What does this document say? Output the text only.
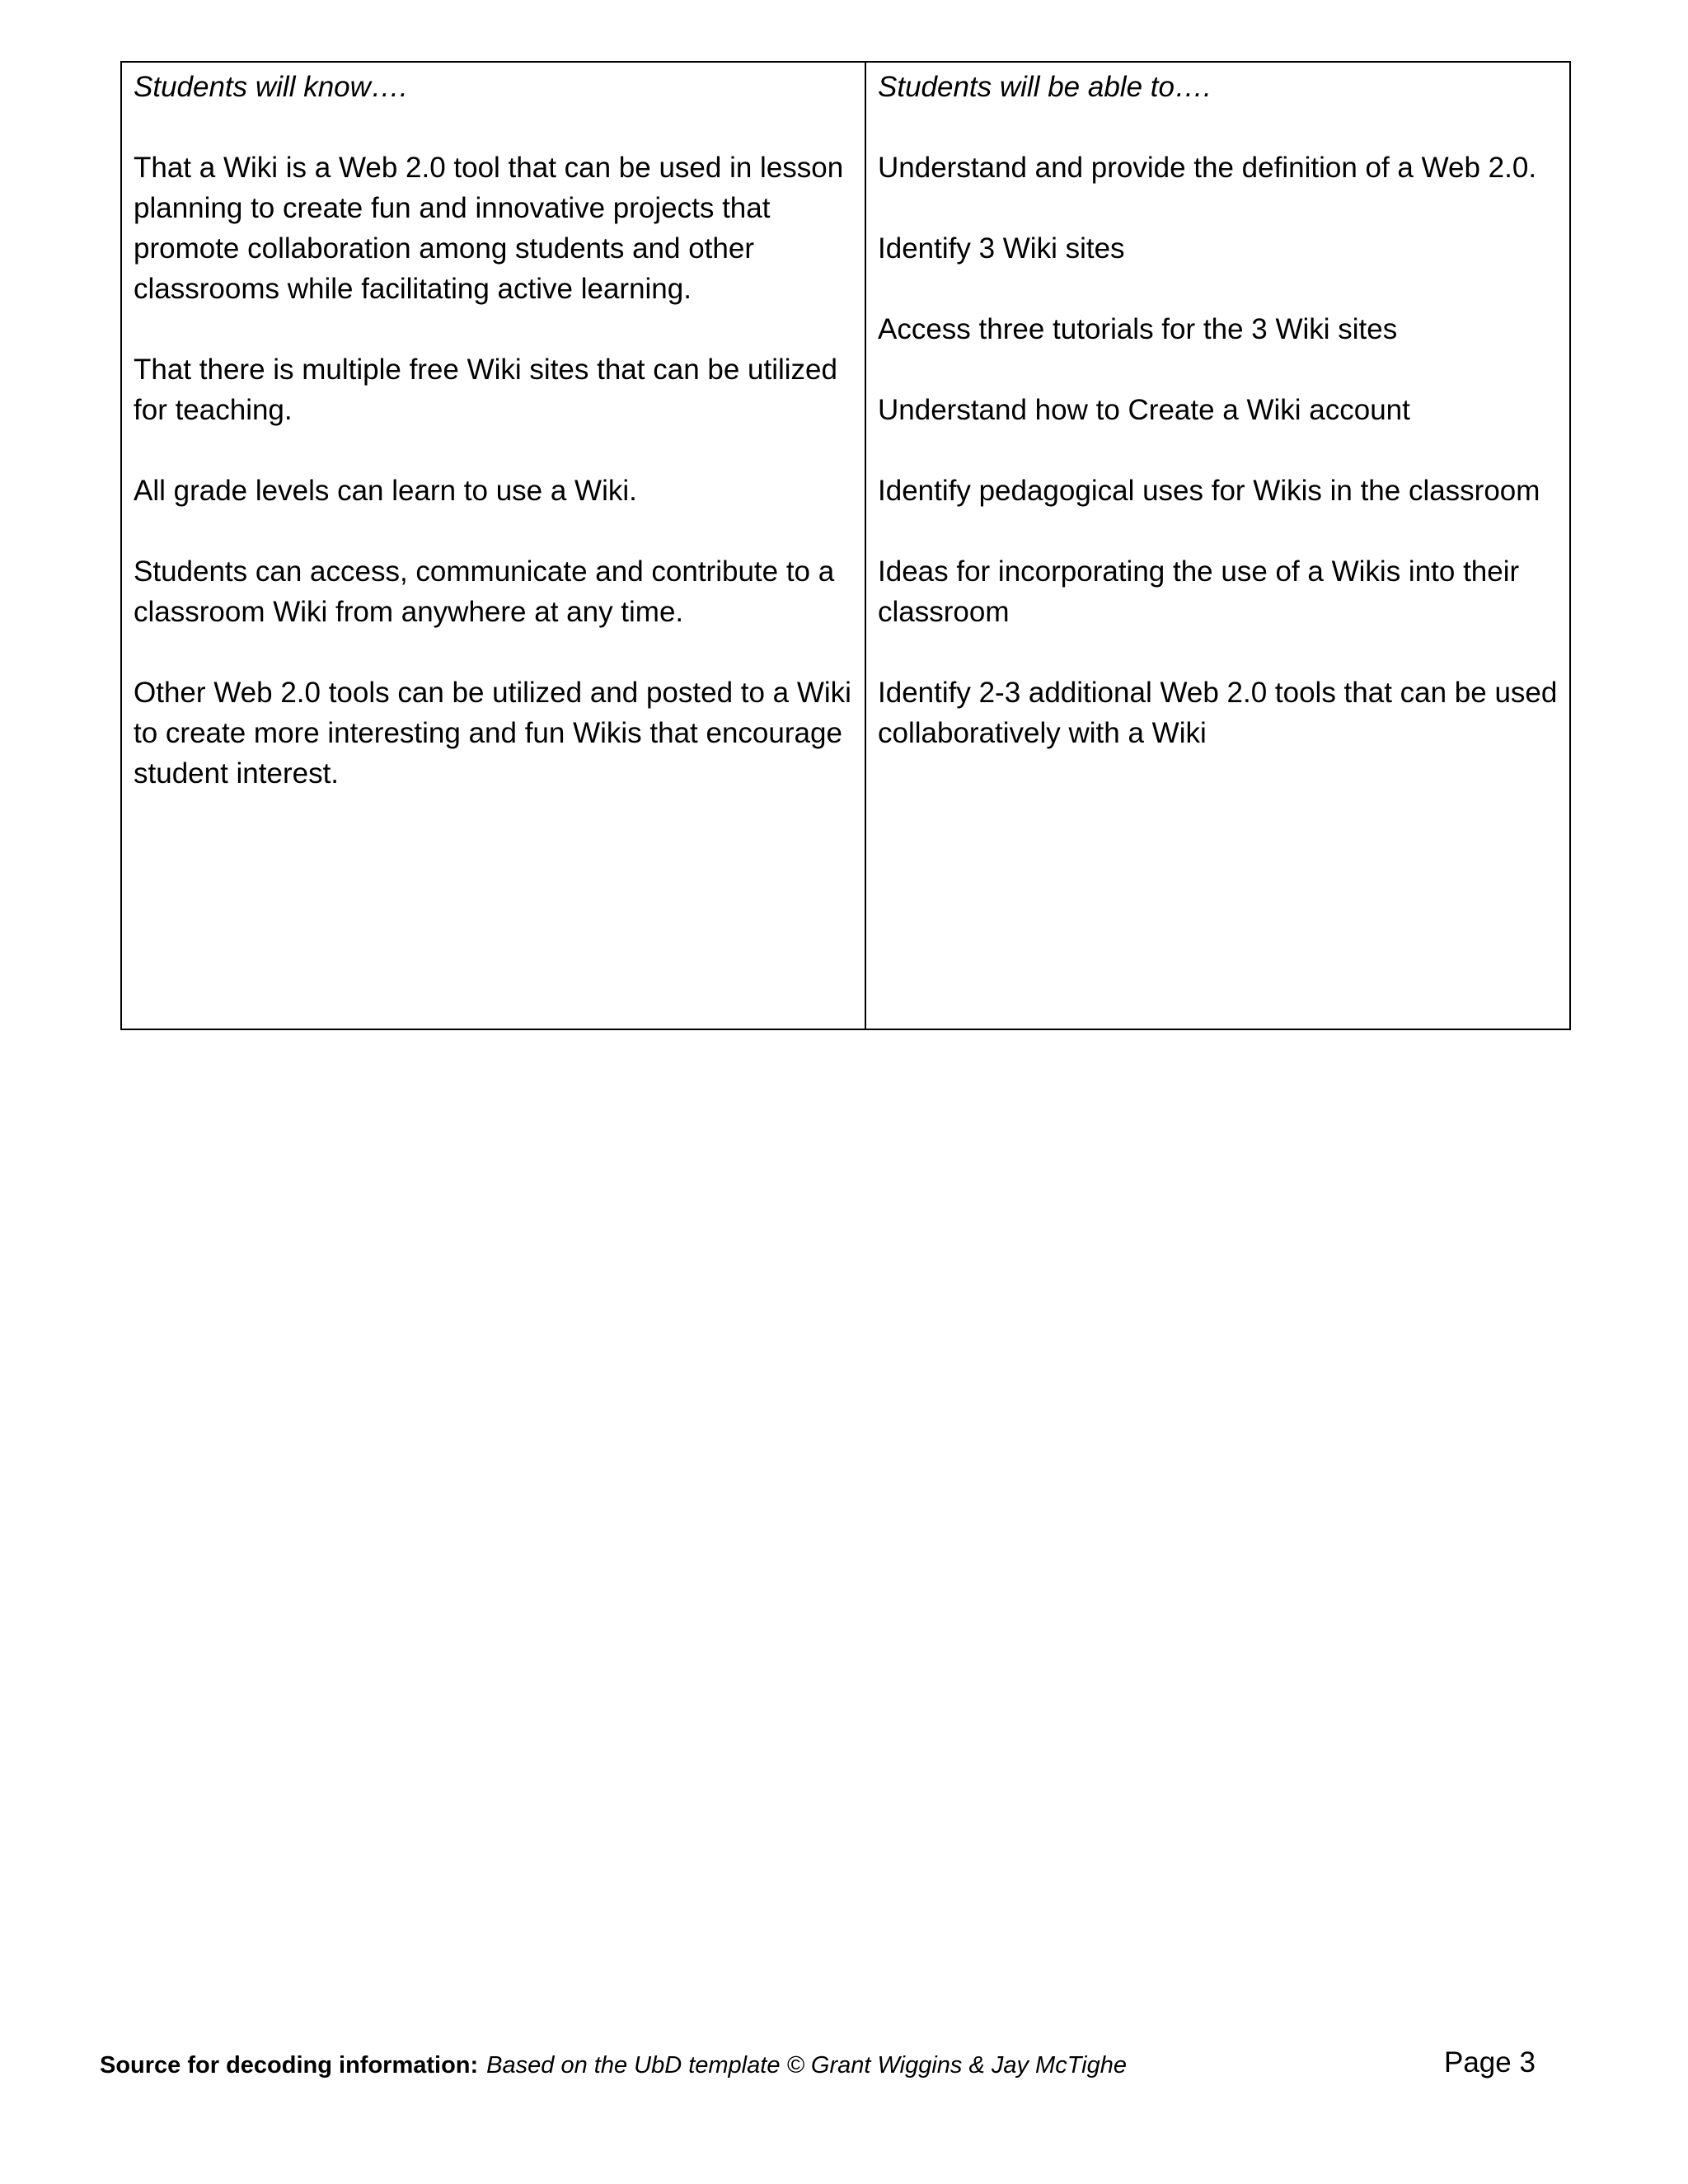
Students will know….

That a Wiki is a Web 2.0 tool that can be used in lesson planning to create fun and innovative projects that promote collaboration among students and other classrooms while facilitating active learning.
That there is multiple free Wiki sites that can be utilized for teaching.
All grade levels can learn to use a Wiki.
Students can access, communicate and contribute to a classroom Wiki from anywhere at any time.
Other Web 2.0 tools can be utilized and posted to a Wiki to create more interesting and fun Wikis that encourage student interest.

Students will be able to….

Understand and provide the definition of a Web 2.0.
Identify 3 Wiki sites
Access three tutorials for the 3 Wiki sites
Understand how to Create a Wiki account
Identify pedagogical uses for Wikis in the classroom
Ideas for incorporating the use of a Wikis into their classroom
Identify 2-3 additional Web 2.0 tools that can be used collaboratively with a Wiki
Source for decoding information: Based on the UbD template © Grant Wiggins & Jay McTighe	Page 3
